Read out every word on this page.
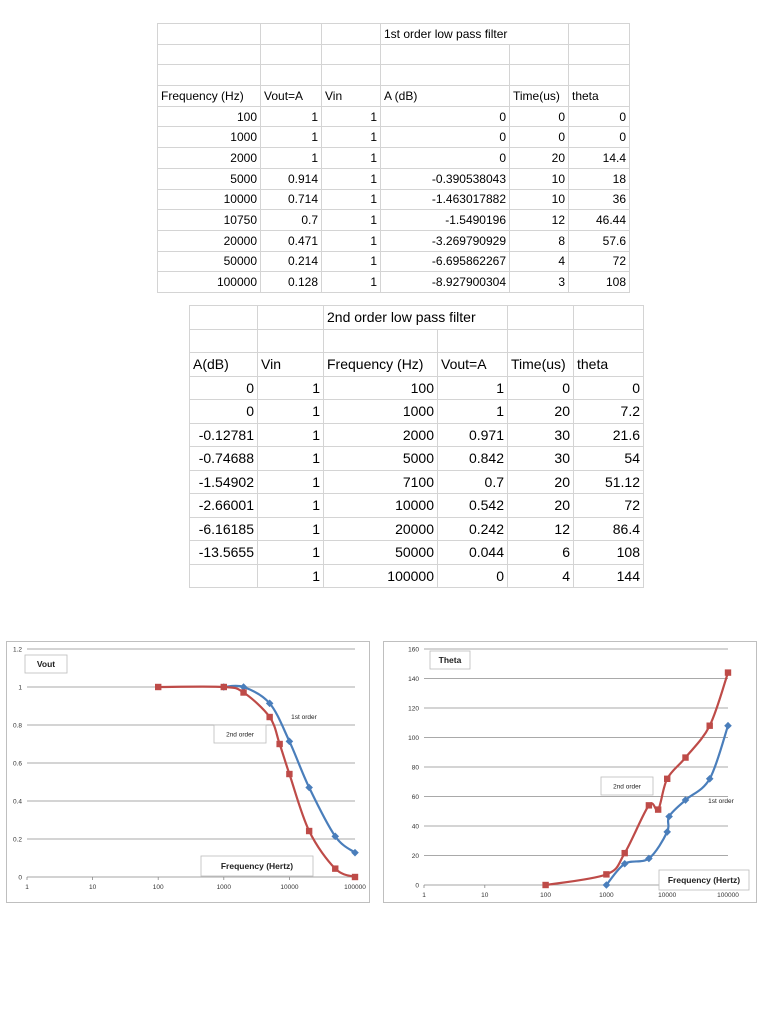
			1st order low pass filter		

Frequency (Hz)	Vout=A	Vin	A (dB)	Time(us)	theta
100	1	1	0	0	0
1000	1	1	0	0	0
2000	1	1	0	20	14.4
5000	0.914	1	-0.390538043	10	18
10000	0.714	1	-1.463017882	10	36
10750	0.7	1	-1.5490196	12	46.44
20000	0.471	1	-3.269790929	8	57.6
50000	0.214	1	-6.695862267	4	72
100000	0.128	1	-8.927900304	3	108
		2nd order low pass filter			

A(dB)	Vin	Frequency (Hz)	Vout=A	Time(us)	theta
0	1	100	1	0	0
0	1	1000	1	20	7.2
-0.12781	1	2000	0.971	30	21.6
-0.74688	1	5000	0.842	30	54
-1.54902	1	7100	0.7	20	51.12
-2.66001	1	10000	0.542	20	72
-6.16185	1	20000	0.242	12	86.4
-13.5655	1	50000	0.044	6	108
	1	100000	0	4	144
0
0.2
0.4
0.6
0.8
1
1.2
1	10	100	1000	10000	100000
Vout
Frequency (Hertz)
1st order
2nd order
0
20
40
60
80
100
120
140
160
1	10	100	1000	10000	100000
Theta
Frequency (Hertz)
1st order
2nd order
